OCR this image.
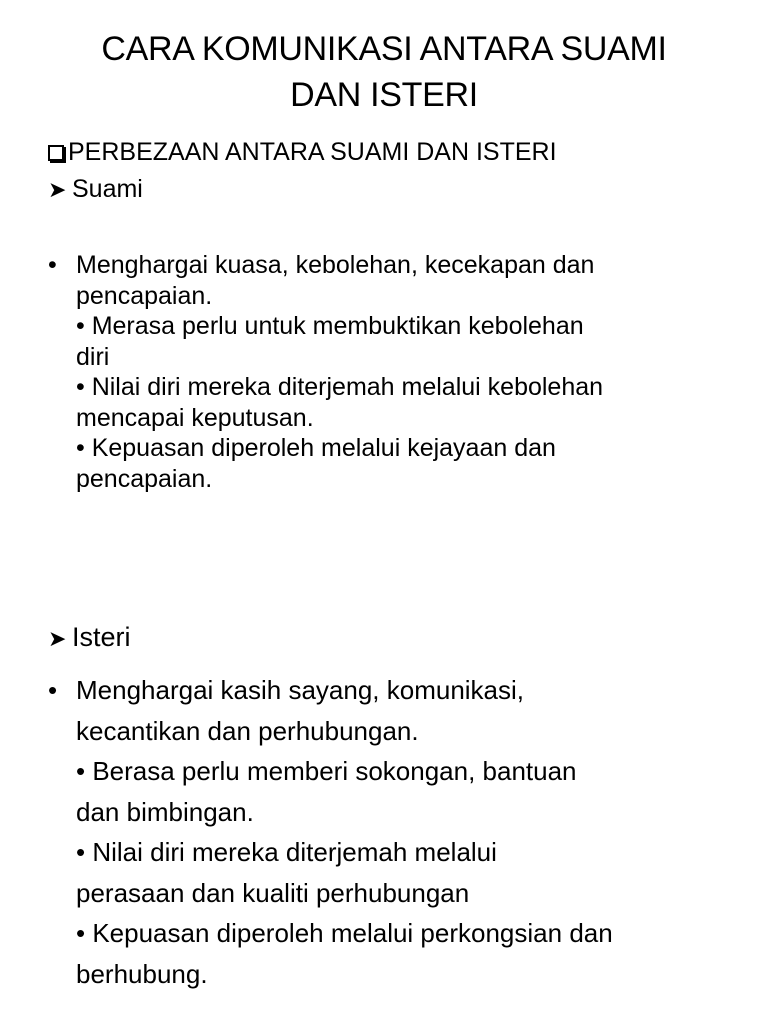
CARA KOMUNIKASI ANTARA SUAMI
DAN ISTERI
PERBEZAAN ANTARA SUAMI DAN ISTERI
➤ Suami
• Menghargai kuasa, kebolehan, kecekapan dan
pencapaian.
• Merasa perlu untuk membuktikan kebolehan
diri
• Nilai diri mereka diterjemah melalui kebolehan
mencapai keputusan.
• Kepuasan diperoleh melalui kejayaan dan
pencapaian.
➤ Isteri
• Menghargai kasih sayang, komunikasi,
kecantikan dan perhubungan.
• Berasa perlu memberi sokongan, bantuan
dan bimbingan.
• Nilai diri mereka diterjemah melalui
perasaan dan kualiti perhubungan
• Kepuasan diperoleh melalui perkongsian dan
berhubung.
